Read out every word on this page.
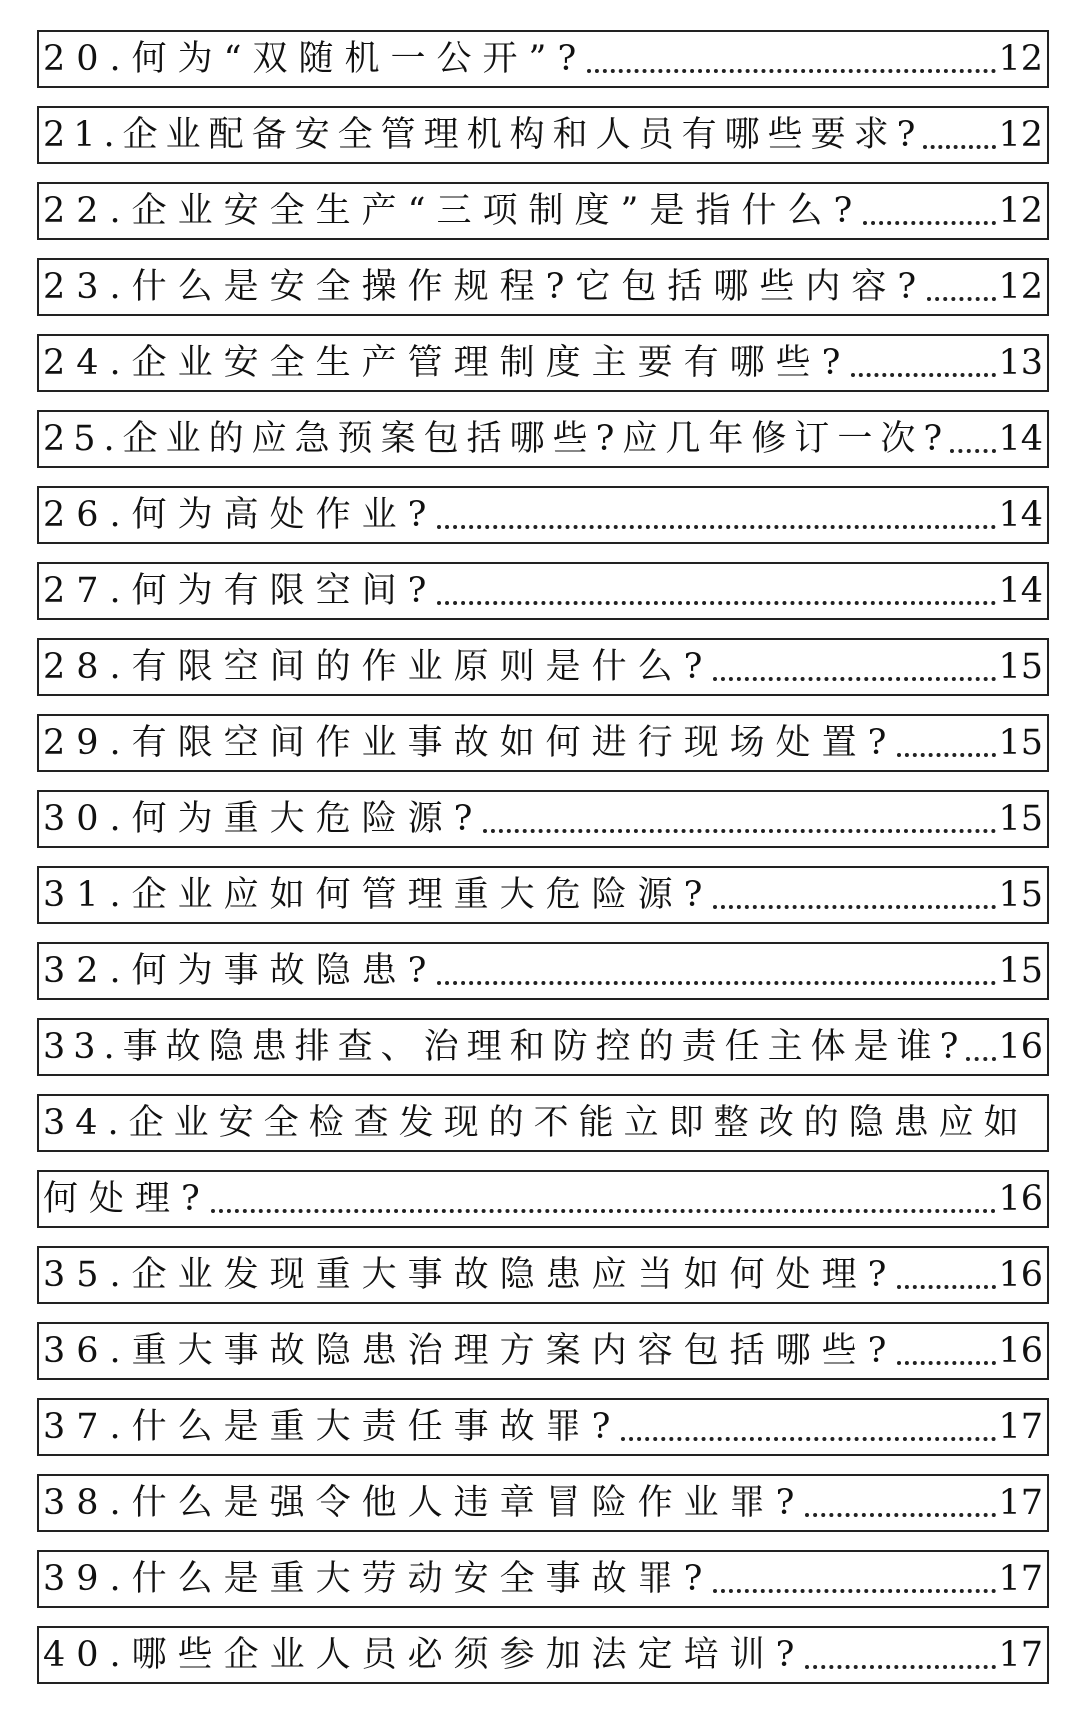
20.何为“双随机一公开”?	12
21.企业配备安全管理机构和人员有哪些要求? 12
22.企业安全生产“三项制度”是指什么?	12
23.什么是安全操作规程?它包括哪些内容? 12
24.企业安全生产管理制度主要有哪些?	13
25.企业的应急预案包括哪些?应几年修订一次? 14
26.何为高处作业?	14
27.何为有限空间?	14
28.有限空间的作业原则是什么?	15
29.有限空间作业事故如何进行现场处置?	15
30.何为重大危险源?	15
31.企业应如何管理重大危险源?	15
32.何为事故隐患?	15
33.事故隐患排查、治理和防控的责任主体是谁? 16
34.企业安全检查发现的不能立即整改的隐患应如
何处理?	16
35.企业发现重大事故隐患应当如何处理?	16
36.重大事故隐患治理方案内容包括哪些?	16
37.什么是重大责任事故罪?	17
38.什么是强令他人违章冒险作业罪?	17
39.什么是重大劳动安全事故罪?	17
40.哪些企业人员必须参加法定培训?	17
